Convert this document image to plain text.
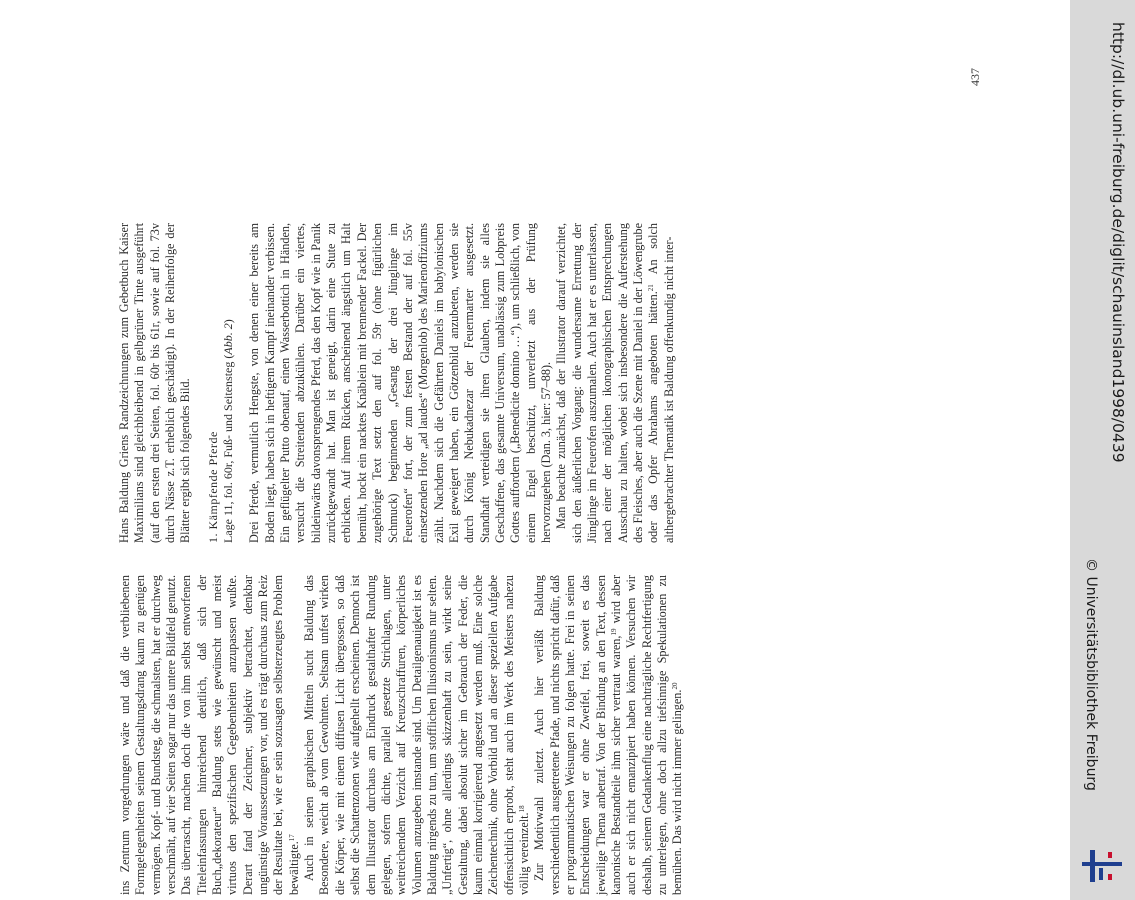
ins Zentrum vorgedrungen wäre und daß die verbliebenen Formgelegenheiten seinem Gestaltungsdrang kaum zu genügen vermögen. Kopf- und Bundsteg, die schmalsten, hat er durchweg verschmäht, auf vier Seiten sogar nur das untere Bildfeld genutzt. Das überrascht, machen doch die von ihm selbst entworfenen Titeleinfassungen hinreichend deutlich, daß sich der Buch„dekorateur“ Baldung stets wie gewünscht und meist virtuos den spezifischen Gegebenheiten anzupassen wußte. Derart fand der Zeichner, subjektiv betrachtet, denkbar ungünstige Voraussetzungen vor, und es trägt durchaus zum Reiz der Resultate bei, wie er sein sozusagen selbsterzeugtes Problem bewältigte.$^{17}$ Auch in seinen graphischen Mitteln sucht Baldung das Besondere, weicht ab vom Gewohnten. Seltsam unfest wirken die Körper, wie mit einem diffusen Licht übergossen, so daß selbst die Schattenzonen wie aufgehellt erscheinen. Dennoch ist dem Illustrator durchaus am Eindruck gestalthafter Rundung gelegen, sofern dichte, parallel gesetzte Strichlagen, unter weitreichendem Verzicht auf Kreuzschraffuren, körperliches Volumen anzugeben imstande sind. Um Detailgenauigkeit ist es Baldung nirgends zu tun, um stofflichen Illusionismus nur selten. „Unfertig“, ohne allerdings skizzenhaft zu sein, wirkt seine Gestaltung, dabei absolut sicher im Gebrauch der Feder, die kaum einmal korrigierend angesetzt werden muß. Eine solche Zeichentechnik, ohne Vorbild und an dieser speziellen Aufgabe offensichtlich erprobt, steht auch im Werk des Meisters nahezu völlig vereinzelt.$^{18}$ Zur Motivwahl zuletzt. Auch hier verläßt Baldung verschiedentlich ausgetretene Pfade, und nichts spricht dafür, daß er programmatischen Weisungen zu folgen hatte. Frei in seinen Entscheidungen war er ohne Zweifel, frei, soweit es das jeweilige Thema anbetraf. Von der Bindung an den Text, dessen kanonische Bestandteile ihm sicher vertraut waren,$^{19}$ wird aber auch er sich nicht emanzipiert haben können. Versuchen wir deshalb, seinem Gedankenflug eine nachträgliche Rechtfertigung zu unterlegen, ohne doch allzu tiefsinnige Spekulationen zu bemühen. Das wird nicht immer gelingen.$^{20}$

Hans Baldung Griens Randzeichnungen zum Gebetbuch Kaiser Maximilians sind gleichbleibend in gelbgrüner Tinte ausgeführt (auf den ersten drei Seiten, fol. 60r bis 61r, sowie auf fol. 73v durch Nässe z.T. erheblich geschädigt). In der Reihenfolge der Blätter ergibt sich folgendes Bild. 1. Kämpfende Pferde Lage 11, fol. 60r, Fuß- und Seitensteg (Abb. 2) Drei Pferde, vermutlich Hengste, von denen einer bereits am Boden liegt, haben sich in heftigem Kampf ineinander verbissen. Ein geflügelter Putto obenauf, einen Wasserbottich in Händen, versucht die Streitenden abzukühlen. Darüber ein viertes, bildeinwärts davonsprengendes Pferd, das den Kopf wie in Panik zurückgewandt hat. Man ist geneigt, darin eine Stute zu erblicken. Auf ihrem Rücken, anscheinend ängstlich um Halt bemüht, hockt ein nacktes Knäblein mit brennender Fackel. Der zugehörige Text setzt den auf fol. 59r (ohne figürlichen Schmuck) beginnenden „Gesang der drei Jünglinge im Feuerofen“ fort, der zum festen Bestand der auf fol. 55v einsetzenden Hore „ad laudes“ (Morgenlob) des Marienoffiziums zählt. Nachdem sich die Gefährten Daniels im babylonischen Exil geweigert haben, ein Götzenbild anzubeten, werden sie durch König Nebukadnezar der Feuermarter ausgesetzt. Standhaft verteidigen sie ihren Glauben, indem sie alles Geschaffene, das gesamte Universum, unablässig zum Lobpreis Gottes auffordern („Benedicite domino …“), um schließlich, von einem Engel beschützt, unverletzt aus der Prüfung hervorzugehen (Dan. 3, hier: 57–88). Man beachte zunächst, daß der Illustrator darauf verzichtet, sich den äußerlichen Vorgang: die wundersame Errettung der Jünglinge im Feuerofen auszumalen. Auch hat er es unterlassen, nach einer der möglichen ikonographischen Entsprechungen Ausschau zu halten, wobei sich insbesondere die Auferstehung des Fleisches, aber auch die Szene mit Daniel in der Löwengrube oder das Opfer Abrahams angeboten hätten.$^{21}$ An solch althergebrachter Thematik ist Baldung offenkundig nicht inter-

437	http://dl.ub.uni-freiburg.de/diglit/schauinsland1998/0439
© Universitätsbibliothek Freiburg
